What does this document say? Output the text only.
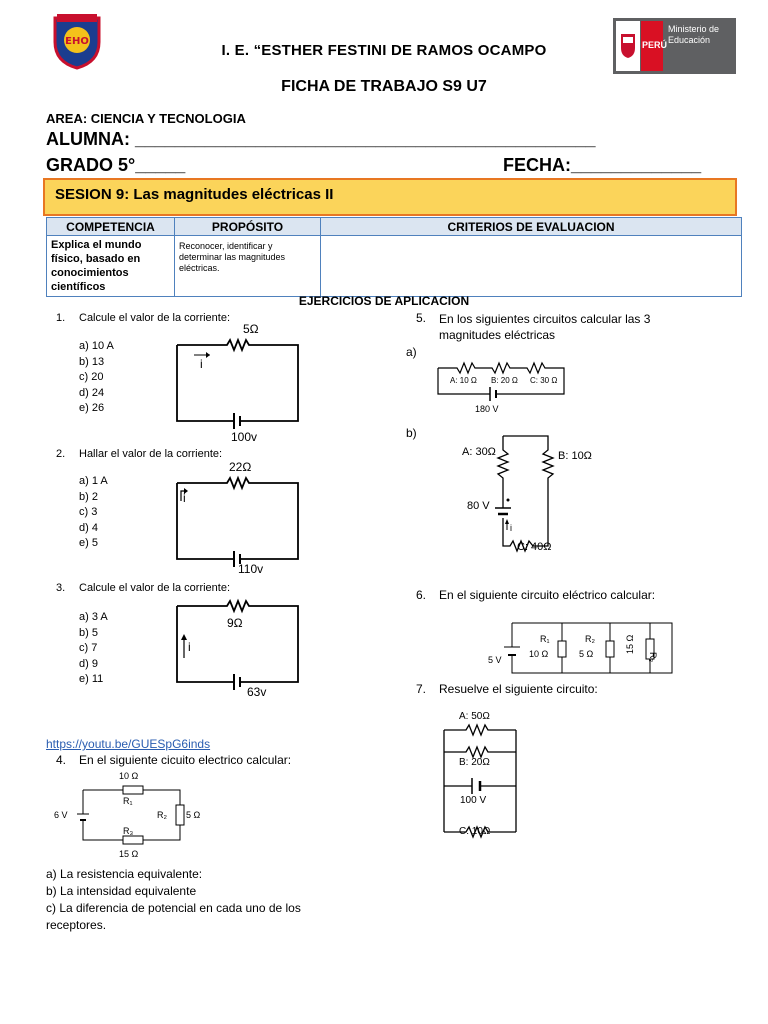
EHO	PERÚ
Ministerio de Educación
I. E. “ESTHER FESTINI DE RAMOS OCAMPO
FICHA DE TRABAJO S9 U7
AREA: CIENCIA Y TECNOLOGIA
ALUMNA: ______________________________________________
GRADO 5°_____	FECHA:_____________
SESION 9: Las magnitudes eléctricas II
COMPETENCIA	PROPÓSITO	CRITERIOS DE EVALUACION
Explica el mundo físico, basado en conocimientos científicos	Reconocer, identificar y determinar las magnitudes eléctricas.	
EJERCICIOS DE APLICACION
1. Calcule el valor de la corriente:
a) 10 A
b) 13
c) 20
d) 24
e) 26
5Ω
i
100v
2. Hallar el valor de la corriente:
a) 1 A
b) 2
c) 3
d) 4
e) 5
22Ω
i
110v
3. Calcule el valor de la corriente:
a) 3 A
b) 5
c) 7
d) 9
e) 11
9Ω
i
63v
https://youtu.be/GUESpG6inds
4. En el siguiente cicuito electrico calcular:
10 Ω
R₁
R₂ 5 Ω
R₃
15 Ω
6 V
a) La resistencia equivalente:
b) La intensidad equivalente
c) La diferencia de potencial en cada uno de los
receptores.
5. En los siguientes circuitos calcular las 3
magnitudes eléctricas
a)
A: 10 Ω B: 20 Ω C: 30 Ω
180 V
b)
A: 30Ω	B: 10Ω
C: 40Ω
80 V
i
6. En el siguiente circuito eléctrico calcular:
R₁
10 Ω
R₂
5 Ω	15 Ω
R₃
5 V
7. Resuelve el siguiente circuito:
A: 50Ω
B: 20Ω
100 V
C: 10Ω
